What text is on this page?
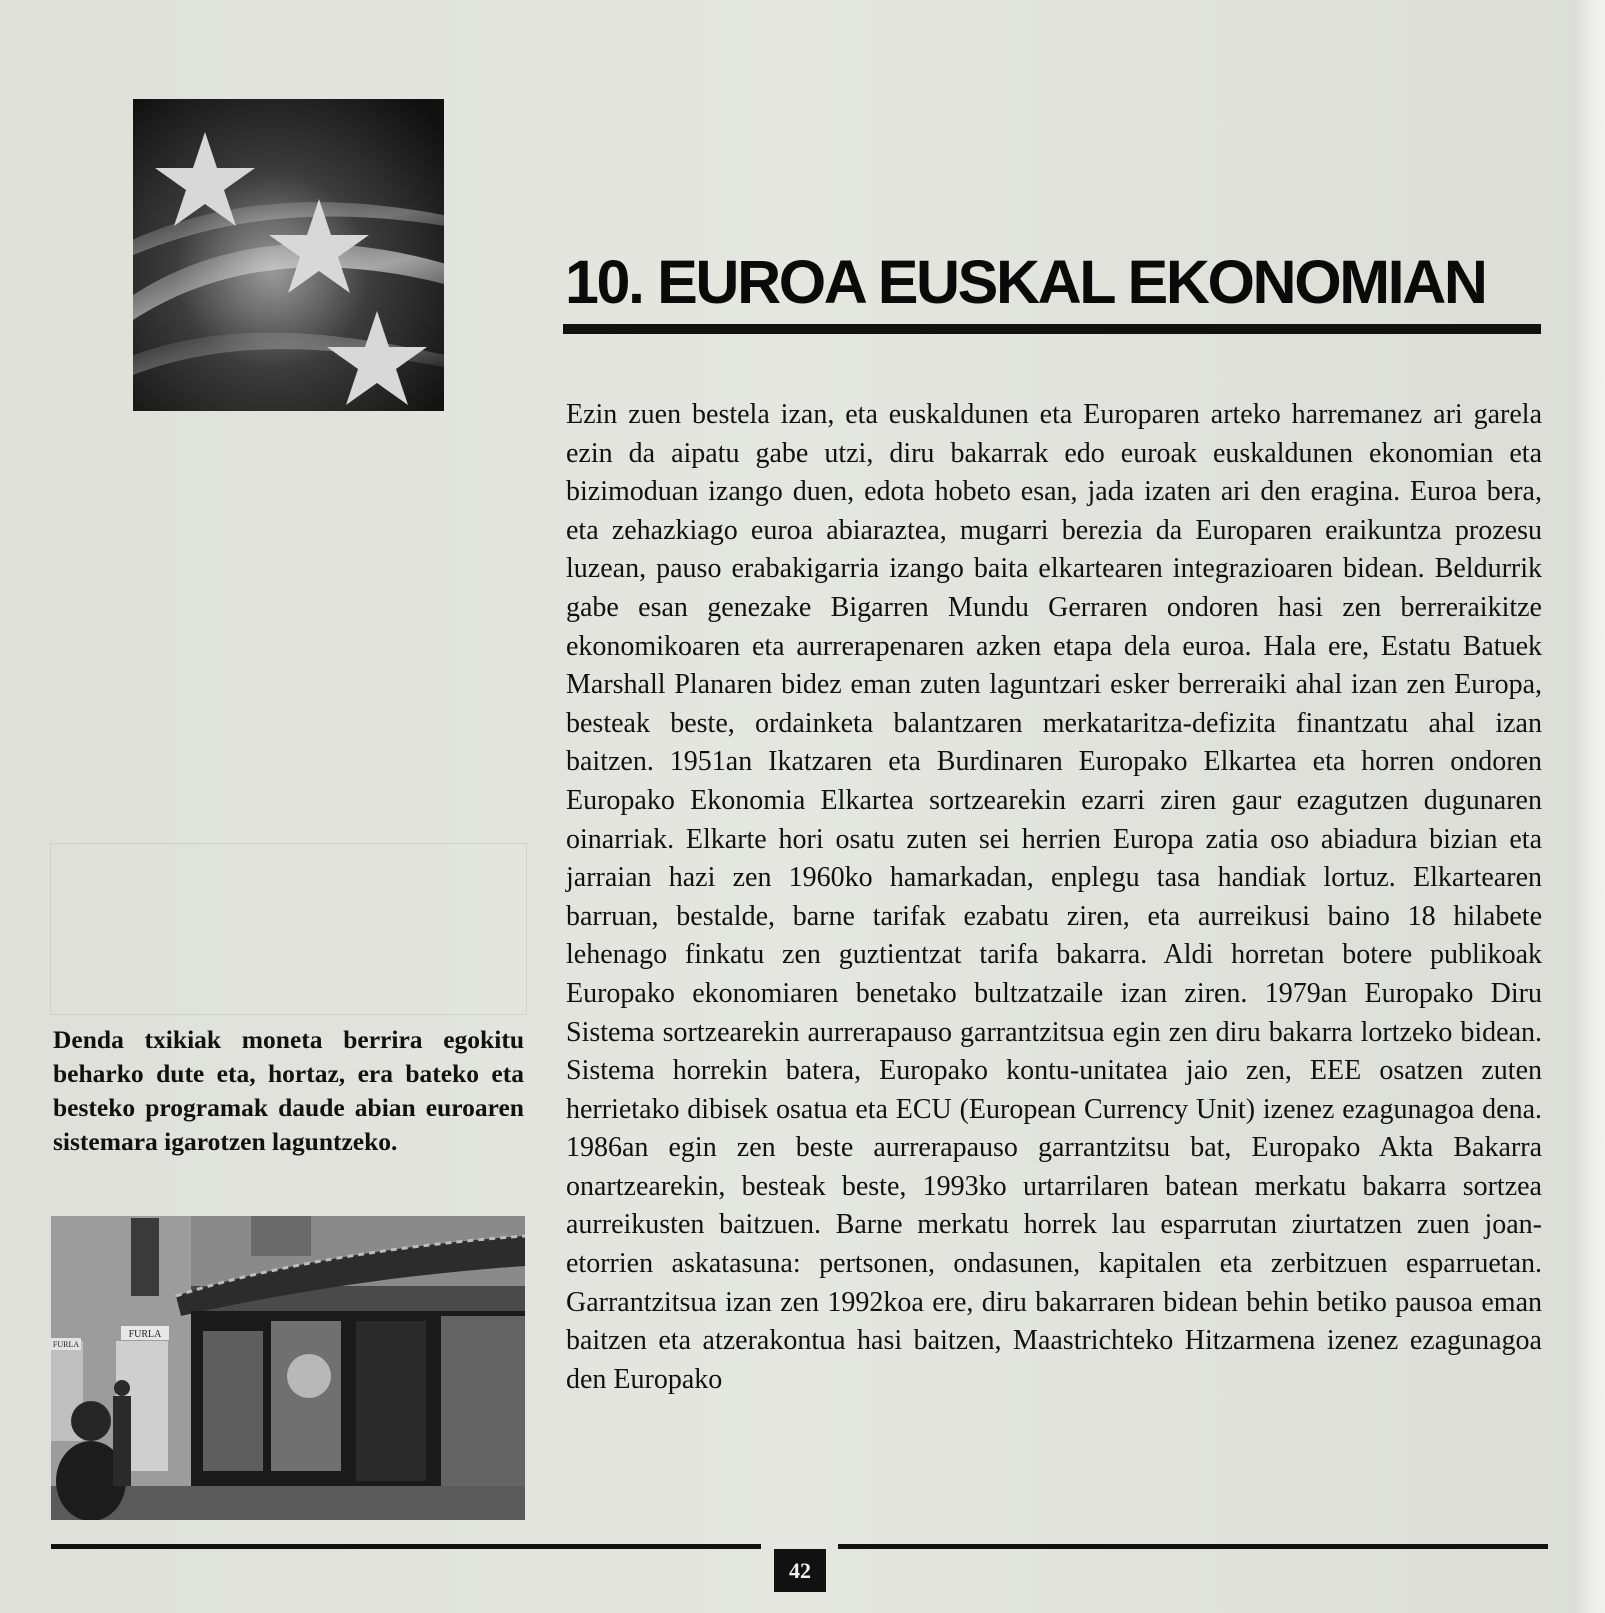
10. EUROA EUSKAL EKONOMIAN

Ezin zuen bestela izan, eta euskaldunen eta Europaren arteko harremanez ari garela ezin da aipatu gabe utzi, diru bakarrak edo euroak euskaldunen ekonomian eta bizimoduan izango duen, edota hobeto esan, jada izaten ari den eragina. Euroa bera, eta zehazkiago euroa abiaraztea, mugarri berezia da Europaren eraikuntza prozesu luzean, pauso erabakigarria izango baita elkartearen integrazioaren bidean. Beldurrik gabe esan genezake Bigarren Mundu Gerraren ondoren hasi zen berreraikitze ekonomikoaren eta aurrerapenaren azken etapa dela euroa. Hala ere, Estatu Batuek Marshall Planaren bidez eman zuten laguntzari esker berreraiki ahal izan zen Europa, besteak beste, ordainketa balantzaren merkataritza-defizita finantzatu ahal izan baitzen. 1951an Ikatzaren eta Burdinaren Europako Elkartea eta horren ondoren Europako Ekonomia Elkartea sortzearekin ezarri ziren gaur ezagutzen dugunaren oinarriak. Elkarte hori osatu zuten sei herrien Europa zatia oso abiadura bizian eta jarraian hazi zen 1960ko hamarkadan, enplegu tasa handiak lortuz. Elkartearen barruan, bestalde, barne tarifak ezabatu ziren, eta aurreikusi baino 18 hilabete lehenago finkatu zen guztientzat tarifa bakarra. Aldi horretan botere publikoak Europako ekonomiaren benetako bultzatzaile izan ziren. 1979an Europako Diru Sistema sortzearekin aurrerapauso garrantzitsua egin zen diru bakarra lortzeko bidean. Sistema horrekin batera, Europako kontu-unitatea jaio zen, EEE osatzen zuten herrietako dibisek osatua eta ECU (European Currency Unit) izenez ezagunagoa dena. 1986an egin zen beste aurrerapauso garrantzitsu bat, Europako Akta Bakarra onartzearekin, besteak beste, 1993ko urtarrilaren batean merkatu bakarra sortzea aurreikusten baitzuen. Barne merkatu horrek lau esparrutan ziurtatzen zuen joan-etorrien askatasuna: pertsonen, ondasunen, kapitalen eta zerbitzuen esparruetan. Garrantzitsua izan zen 1992koa ere, diru bakarraren bidean behin betiko pausoa eman baitzen eta atzerakontua hasi baitzen, Maastrichteko Hitzarmena izenez ezagunagoa den Europako

Denda txikiak moneta berrira egokitu beharko dute eta, hortaz, era bateko eta besteko programak daude abian euroaren sistemara igarotzen laguntzeko.

FURLA
FURLA
42
